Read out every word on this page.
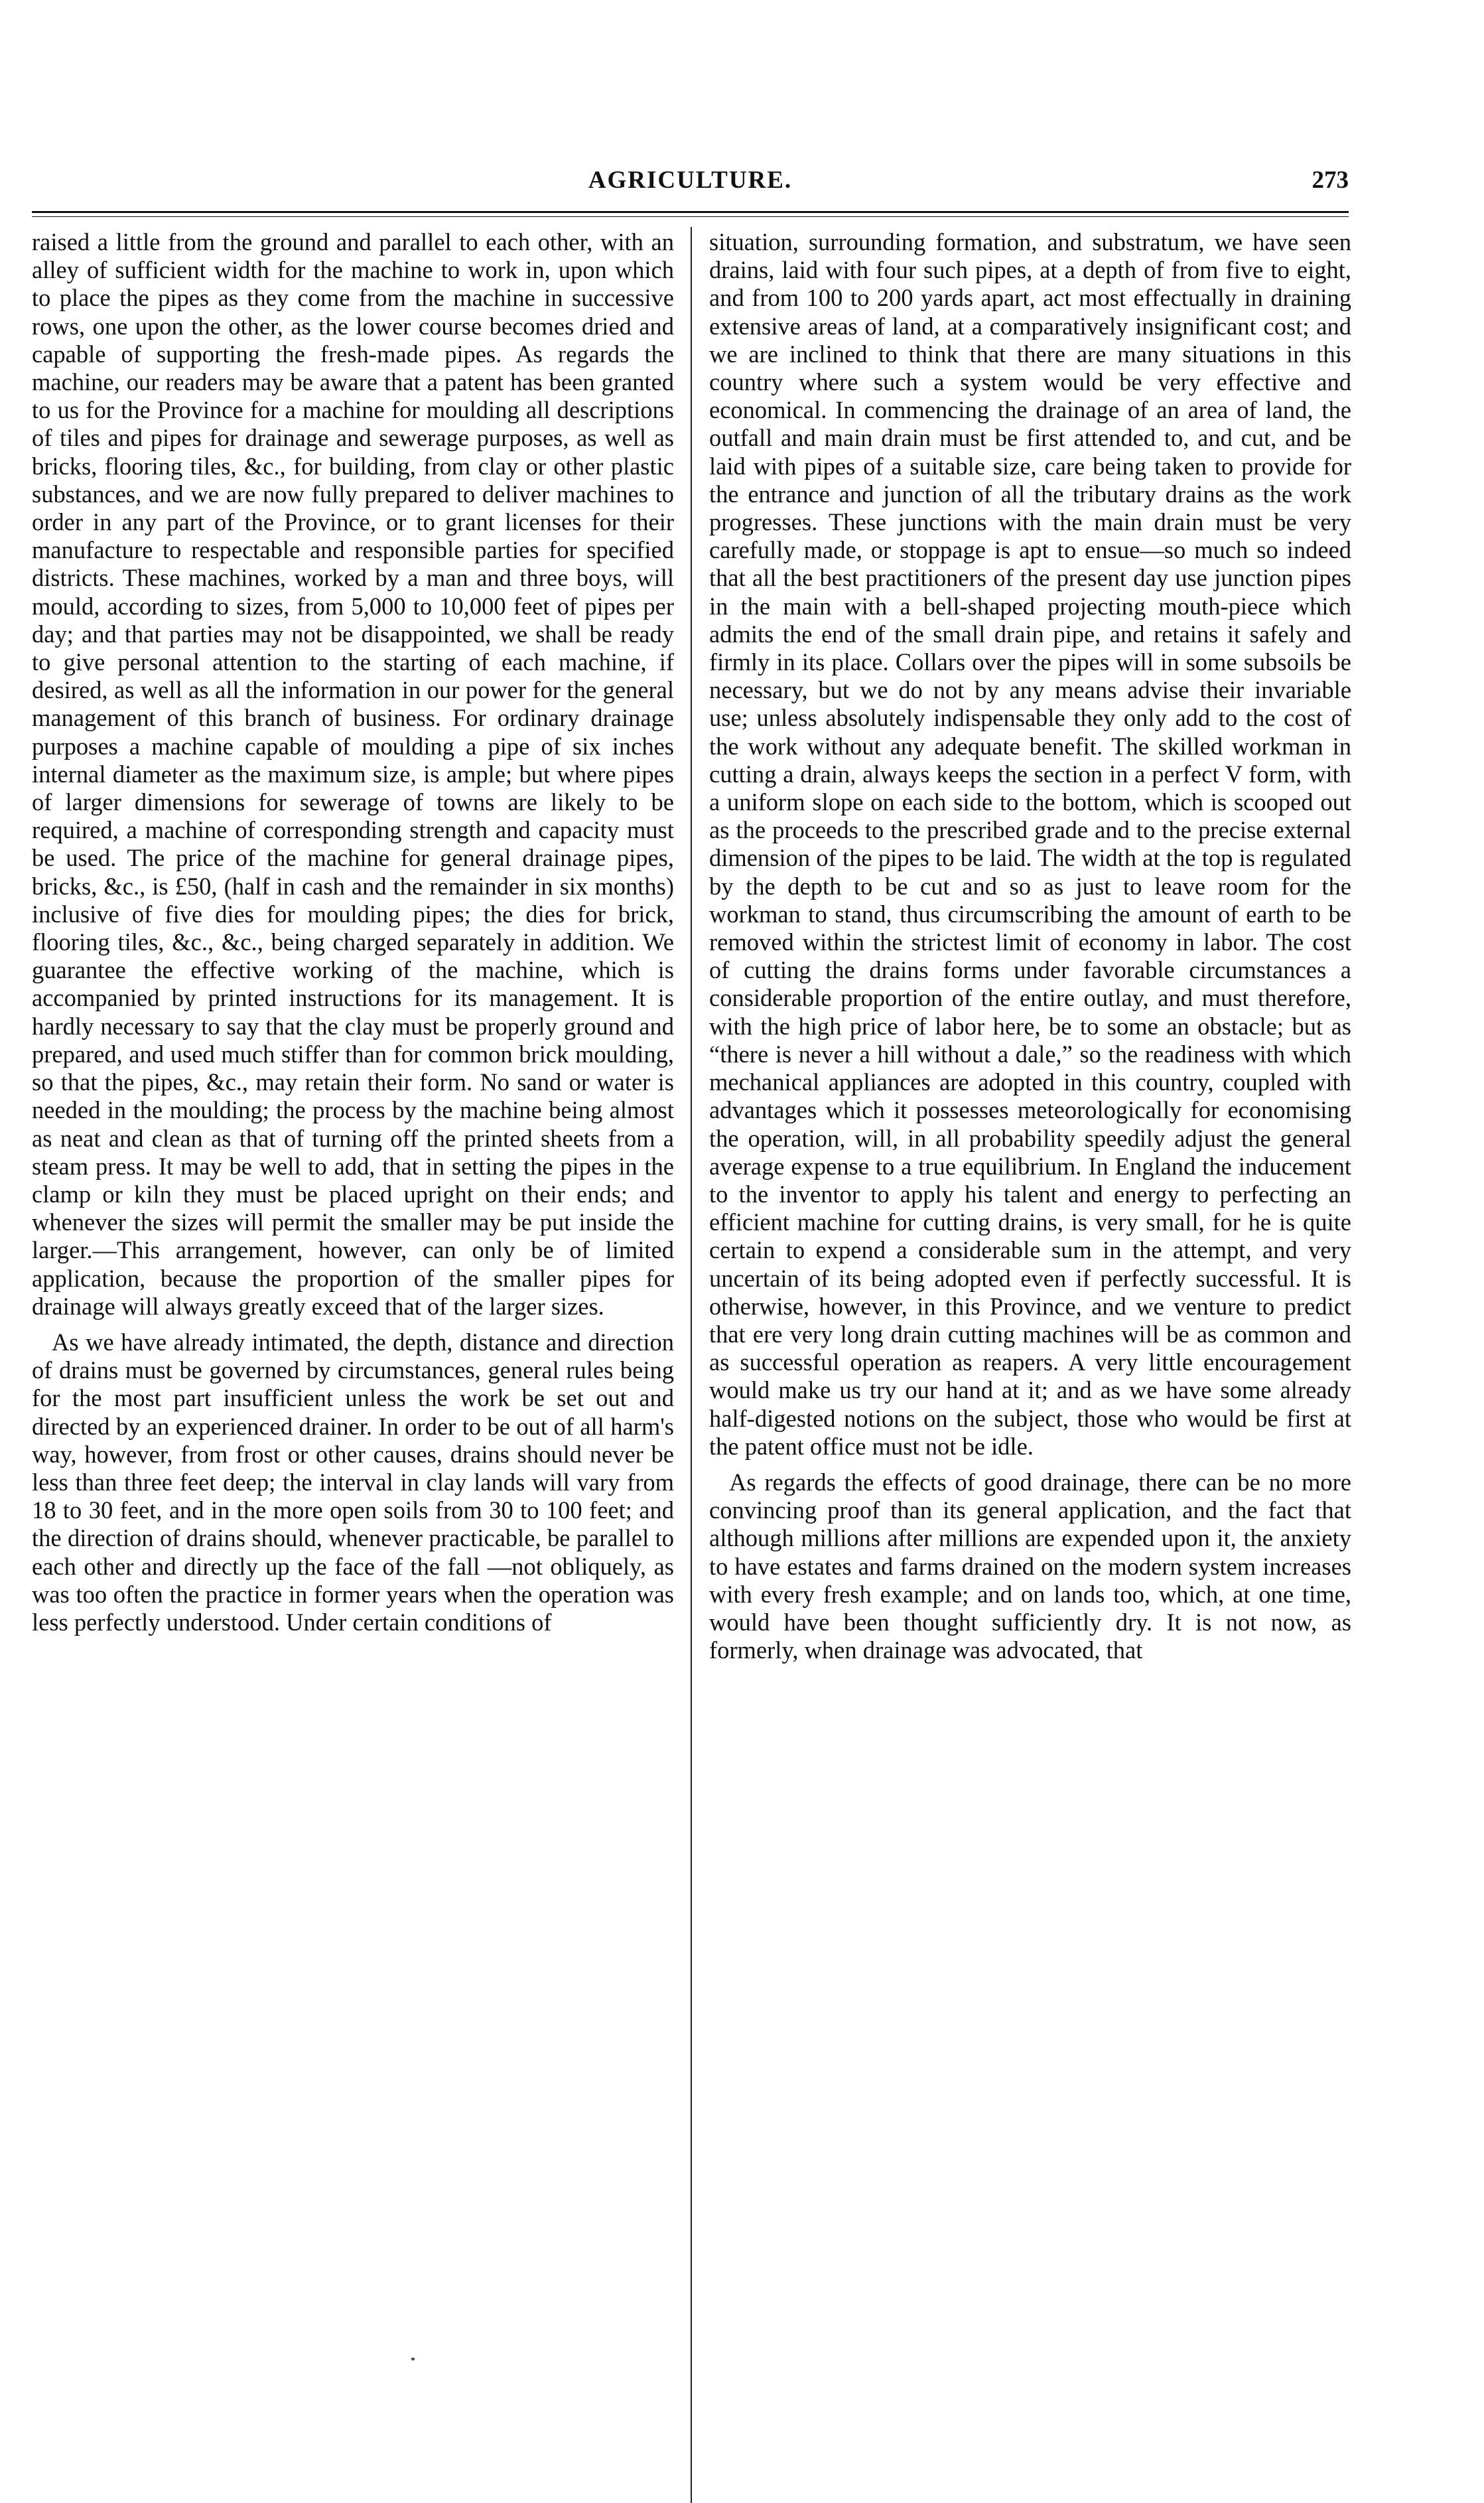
AGRICULTURE.	273

raised a little from the ground and parallel to each other, with an alley of sufficient width for the machine to work in, upon which to place the pipes as they come from the machine in successive rows, one upon the other, as the lower course becomes dried and capable of supporting the fresh-made pipes. As regards the machine, our readers may be aware that a patent has been granted to us for the Province for a machine for moulding all descriptions of tiles and pipes for drainage and sewerage purposes, as well as bricks, flooring tiles, &c., for building, from clay or other plastic substances, and we are now fully prepared to deliver machines to order in any part of the Province, or to grant licenses for their manufacture to respectable and responsible parties for specified districts. These machines, worked by a man and three boys, will mould, according to sizes, from 5,000 to 10,000 feet of pipes per day; and that parties may not be disappointed, we shall be ready to give personal attention to the starting of each machine, if desired, as well as all the information in our power for the general management of this branch of business. For ordinary drainage purposes a machine capable of moulding a pipe of six inches internal diameter as the maximum size, is ample; but where pipes of larger dimensions for sewerage of towns are likely to be required, a machine of corresponding strength and capacity must be used. The price of the machine for general drainage pipes, bricks, &c., is £50, (half in cash and the remainder in six months) inclusive of five dies for moulding pipes; the dies for brick, flooring tiles, &c., &c., being charged separately in addition. We guarantee the effective working of the machine, which is accompanied by printed instructions for its management. It is hardly necessary to say that the clay must be properly ground and prepared, and used much stiffer than for common brick moulding, so that the pipes, &c., may retain their form. No sand or water is needed in the moulding; the process by the machine being almost as neat and clean as that of turning off the printed sheets from a steam press. It may be well to add, that in setting the pipes in the clamp or kiln they must be placed upright on their ends; and whenever the sizes will permit the smaller may be put inside the larger.—This arrangement, however, can only be of limited application, because the proportion of the smaller pipes for drainage will always greatly exceed that of the larger sizes.

As we have already intimated, the depth, distance and direction of drains must be governed by circumstances, general rules being for the most part insufficient unless the work be set out and directed by an experienced drainer. In order to be out of all harm's way, however, from frost or other causes, drains should never be less than three feet deep; the interval in clay lands will vary from 18 to 30 feet, and in the more open soils from 30 to 100 feet; and the direction of drains should, whenever practicable, be parallel to each other and directly up the face of the fall —not obliquely, as was too often the practice in former years when the operation was less perfectly understood. Under certain conditions of

situation, surrounding formation, and substratum, we have seen drains, laid with four such pipes, at a depth of from five to eight, and from 100 to 200 yards apart, act most effectually in draining extensive areas of land, at a comparatively insignificant cost; and we are inclined to think that there are many situations in this country where such a system would be very effective and economical. In commencing the drainage of an area of land, the outfall and main drain must be first attended to, and cut, and be laid with pipes of a suitable size, care being taken to provide for the entrance and junction of all the tributary drains as the work progresses. These junctions with the main drain must be very carefully made, or stoppage is apt to ensue—so much so indeed that all the best practitioners of the present day use junction pipes in the main with a bell-shaped projecting mouth-piece which admits the end of the small drain pipe, and retains it safely and firmly in its place. Collars over the pipes will in some subsoils be necessary, but we do not by any means advise their invariable use; unless absolutely indispensable they only add to the cost of the work without any adequate benefit. The skilled workman in cutting a drain, always keeps the section in a perfect V form, with a uniform slope on each side to the bottom, which is scooped out as the proceeds to the prescribed grade and to the precise external dimension of the pipes to be laid. The width at the top is regulated by the depth to be cut and so as just to leave room for the workman to stand, thus circumscribing the amount of earth to be removed within the strictest limit of economy in labor. The cost of cutting the drains forms under favorable circumstances a considerable proportion of the entire outlay, and must therefore, with the high price of labor here, be to some an obstacle; but as “there is never a hill without a dale,” so the readiness with which mechanical appliances are adopted in this country, coupled with advantages which it possesses meteorologically for economising the operation, will, in all probability speedily adjust the general average expense to a true equilibrium. In England the inducement to the inventor to apply his talent and energy to perfecting an efficient machine for cutting drains, is very small, for he is quite certain to expend a considerable sum in the attempt, and very uncertain of its being adopted even if perfectly successful. It is otherwise, however, in this Province, and we venture to predict that ere very long drain cutting machines will be as common and as successful operation as reapers. A very little encouragement would make us try our hand at it; and as we have some already half-digested notions on the subject, those who would be first at the patent office must not be idle.

As regards the effects of good drainage, there can be no more convincing proof than its general application, and the fact that although millions after millions are expended upon it, the anxiety to have estates and farms drained on the modern system increases with every fresh example; and on lands too, which, at one time, would have been thought sufficiently dry. It is not now, as formerly, when drainage was advocated, that
